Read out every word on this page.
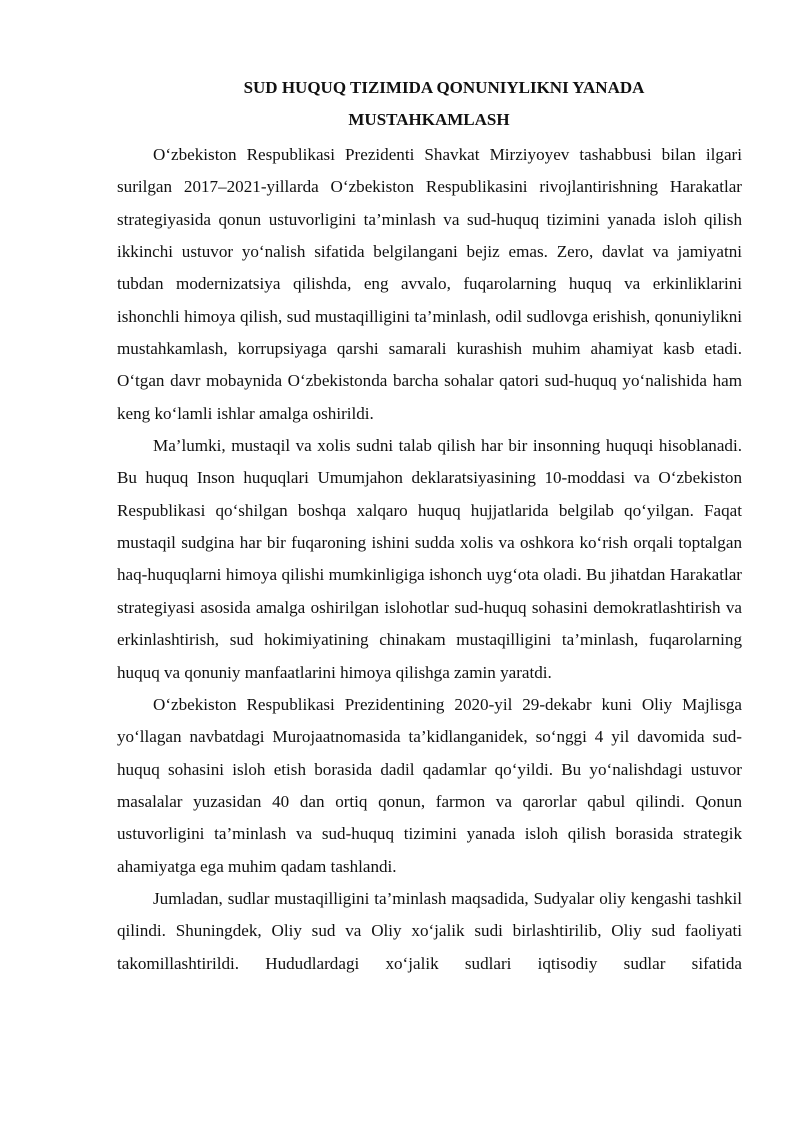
SUD HUQUQ TIZIMIDA QONUNIYLIKNI YANADA
MUSTAHKAMLASH

O‘zbekiston Respublikasi Prezidenti Shavkat Mirziyoyev tashabbusi bilan ilgari surilgan 2017–2021-yillarda O‘zbekiston Respublikasini rivojlantirishning Harakatlar strategiyasida qonun ustuvorligini ta’minlash va sud-huquq tizimini yanada isloh qilish ikkinchi ustuvor yo‘nalish sifatida belgilangani bejiz emas. Zero, davlat va jamiyatni tubdan modernizatsiya qilishda, eng avvalo, fuqarolarning huquq va erkinliklarini ishonchli himoya qilish, sud mustaqilligini ta’minlash, odil sudlovga erishish, qonuniylikni mustahkamlash, korrupsiyaga qarshi samarali kurashish muhim ahamiyat kasb etadi. O‘tgan davr mobaynida O‘zbekistonda barcha sohalar qatori sud-huquq yo‘nalishida ham keng ko‘lamli ishlar amalga oshirildi.

Ma’lumki, mustaqil va xolis sudni talab qilish har bir insonning huquqi hisoblanadi. Bu huquq Inson huquqlari Umumjahon deklaratsiyasining 10-moddasi va O‘zbekiston Respublikasi qo‘shilgan boshqa xalqaro huquq hujjatlarida belgilab qo‘yilgan. Faqat mustaqil sudgina har bir fuqaroning ishini sudda xolis va oshkora ko‘rish orqali toptalgan haq-huquqlarni himoya qilishi mumkinligiga ishonch uyg‘ota oladi. Bu jihatdan Harakatlar strategiyasi asosida amalga oshirilgan islohotlar sud-huquq sohasini demokratlashtirish va erkinlashtirish, sud hokimiyatining chinakam mustaqilligini ta’minlash, fuqarolarning huquq va qonuniy manfaatlarini himoya qilishga zamin yaratdi.

O‘zbekiston Respublikasi Prezidentining 2020-yil 29-dekabr kuni Oliy Majlisga yo‘llagan navbatdagi Murojaatnomasida ta’kidlanganidek, so‘nggi 4 yil davomida sud-huquq sohasini isloh etish borasida dadil qadamlar qo‘yildi. Bu yo‘nalishdagi ustuvor masalalar yuzasidan 40 dan ortiq qonun, farmon va qarorlar qabul qilindi. Qonun ustuvorligini ta’minlash va sud-huquq tizimini yanada isloh qilish borasida strategik ahamiyatga ega muhim qadam tashlandi.

Jumladan, sudlar mustaqilligini ta’minlash maqsadida, Sudyalar oliy kengashi tashkil qilindi. Shuningdek, Oliy sud va Oliy xo‘jalik sudi birlashtirilib, Oliy sud faoliyati takomillashtirildi. Hududlardagi xo‘jalik sudlari iqtisodiy sudlar sifatida
